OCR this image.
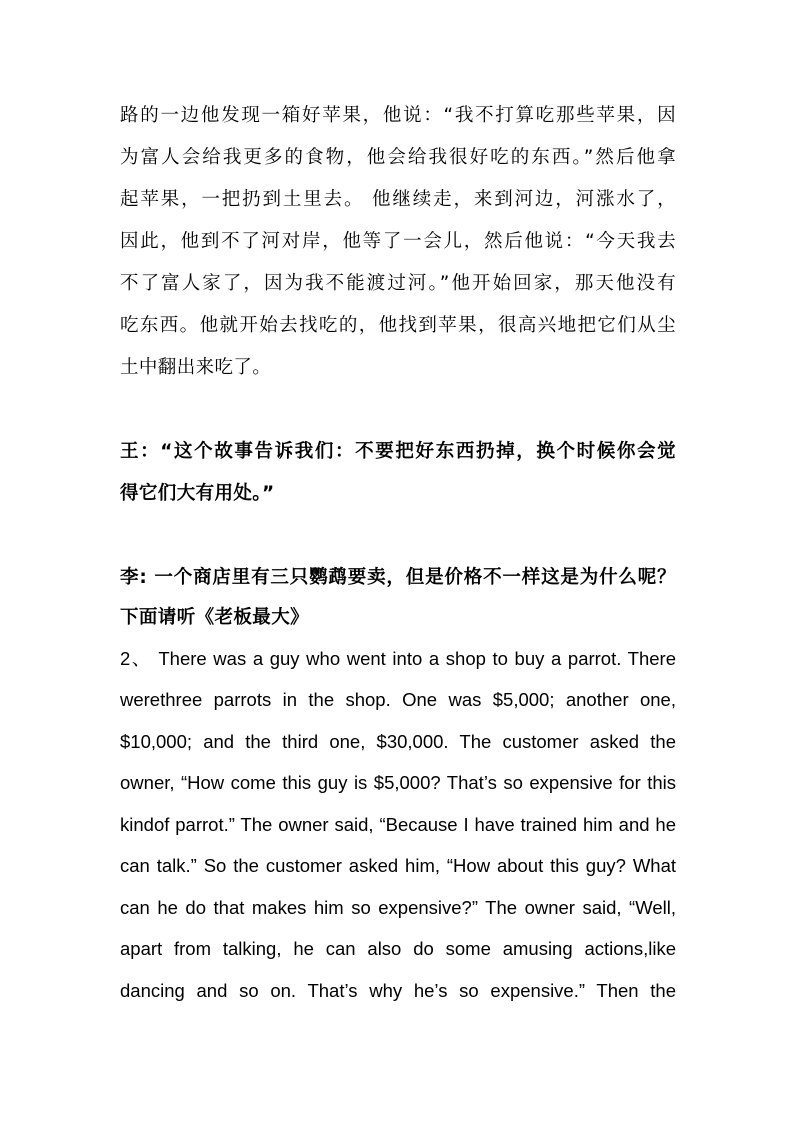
路的一边他发现一箱好苹果，他说：“我不打算吃那些苹果，因
为富人会给我更多的食物，他会给我很好吃的东西。”然后他拿
起苹果，一把扔到土里去。 他继续走，来到河边，河涨水了，
因此，他到不了河对岸，他等了一会儿，然后他说：“今天我去
不了富人家了，因为我不能渡过河。”他开始回家，那天他没有
吃东西。他就开始去找吃的，他找到苹果，很高兴地把它们从尘
土中翻出来吃了。
王：“这个故事告诉我们：不要把好东西扔掉，换个时候你会觉
得它们大有用处。”
李: 一个商店里有三只鹦鹉要卖，但是价格不一样这是为什么呢？
下面请听《老板最大》
2、 There was a guy who went into a shop to buy a parrot. There
werethree parrots in the shop. One was $5,000; another one,
$10,000; and the third one, $30,000. The customer asked the
owner, “How come this guy is $5,000? That’s so expensive for this
kindof parrot.” The owner said, “Because I have trained him and he
can talk.” So the customer asked him, “How about this guy? What
can he do that makes him so expensive?” The owner said, “Well,
apart from talking, he can also do some amusing actions,like
dancing and so on. That’s why he’s so expensive.” Then the
